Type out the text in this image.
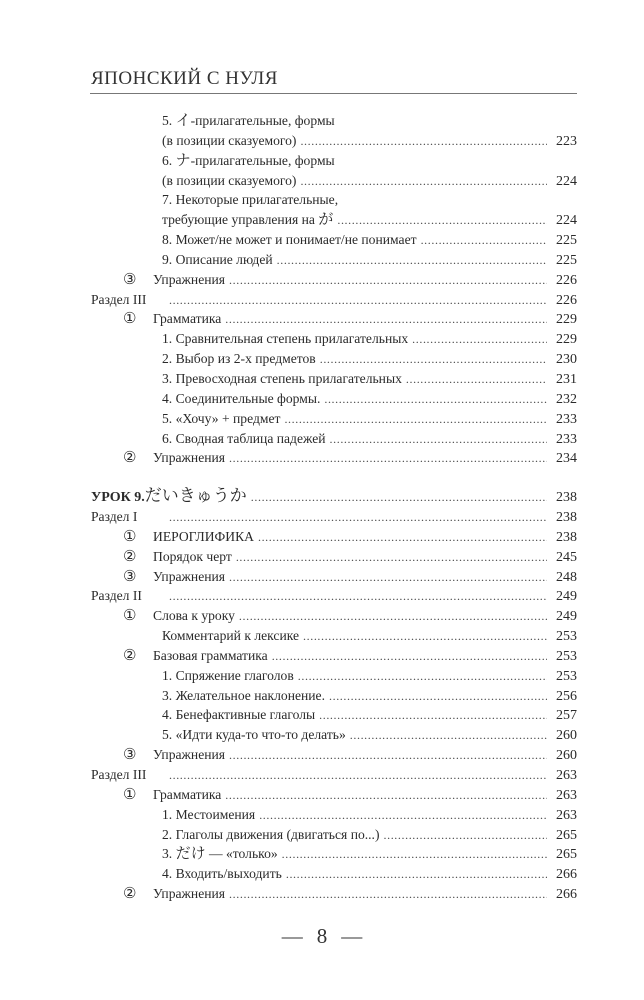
ЯПОНСКИЙ С НУЛЯ
5. イ-прилагательные, формы
(в позиции сказуемого) . . .	223
6. ナ-прилагательные, формы
(в позиции сказуемого) . . .	224
7. Некоторые прилагательные,
требующие управления на が . . .	224
8. Может/не может и понимает/не понимает . . .	225
9. Описание людей . . .	225
③	Упражнения . . .	226
Раздел III . . .	226
①	Грамматика . . .	229
1. Сравнительная степень прилагательных . . .	229
2. Выбор из 2-х предметов . . .	230
3. Превосходная степень прилагательных . . .	231
4. Соединительные формы. . . .	232
5. «Хочу» + предмет . . .	233
6. Сводная таблица падежей . . .	233
②	Упражнения . . .	234
УРОК 9.だいきゅうか . . .	238
Раздел I . . .	238
①	ИЕРОГЛИФИКА . . .	238
②	Порядок черт . . .	245
③	Упражнения . . .	248
Раздел II . . .	249
①	Слова к уроку . . .	249
Комментарий к лексике . . .	253
②	Базовая грамматика . . .	253
1. Спряжение глаголов . . .	253
3. Желательное наклонение. . . .	256
4. Бенефактивные глаголы . . .	257
5. «Идти куда-то что-то делать» . . .	260
③	Упражнения . . .	260
Раздел III . . .	263
①	Грамматика . . .	263
1. Местоимения . . .	263
2. Глаголы движения (двигаться по...) . . .	265
3. だけ — «только» . . .	265
4. Входить/выходить . . .	266
②	Упражнения . . .	266
— 8 —
